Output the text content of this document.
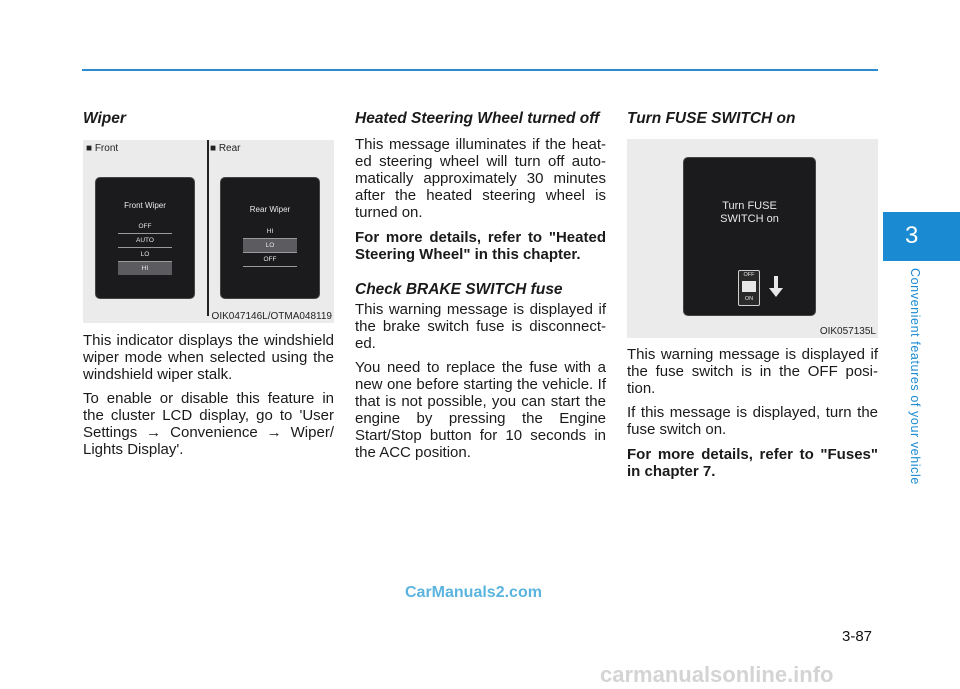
Wiper
■ Front	■ Rear
Front Wiper
OFF
AUTO
LO
HI
Rear Wiper
HI
LO
OFF
OIK047146L/OTMA048119

This indicator displays the windshield wiper mode when selected using the windshield wiper stalk.

To enable or disable this feature in the cluster LCD display, go to 'User Settings → Convenience → Wiper/ Lights Display'.

Heated Steering Wheel turned off

This message illuminates if the heat-ed steering wheel will turn off auto-matically approximately 30 minutes after the heated steering wheel is turned on.

For more details, refer to "Heated Steering Wheel" in this chapter.

Check BRAKE SWITCH fuse

This warning message is displayed if the brake switch fuse is disconnect-ed.

You need to replace the fuse with a new one before starting the vehicle. If that is not possible, you can start the engine by pressing the Engine Start/Stop button for 10 seconds in the ACC position.

Turn FUSE SWITCH on
Turn FUSE
SWITCH on
OFF
ON
OIK057135L

This warning message is displayed if the fuse switch is in the OFF posi-tion.

If this message is displayed, turn the fuse switch on.

For more details, refer to "Fuses" in chapter 7.

3
Convenient features of your vehicle
3-87
CarManuals2.com
carmanualsonline.info
